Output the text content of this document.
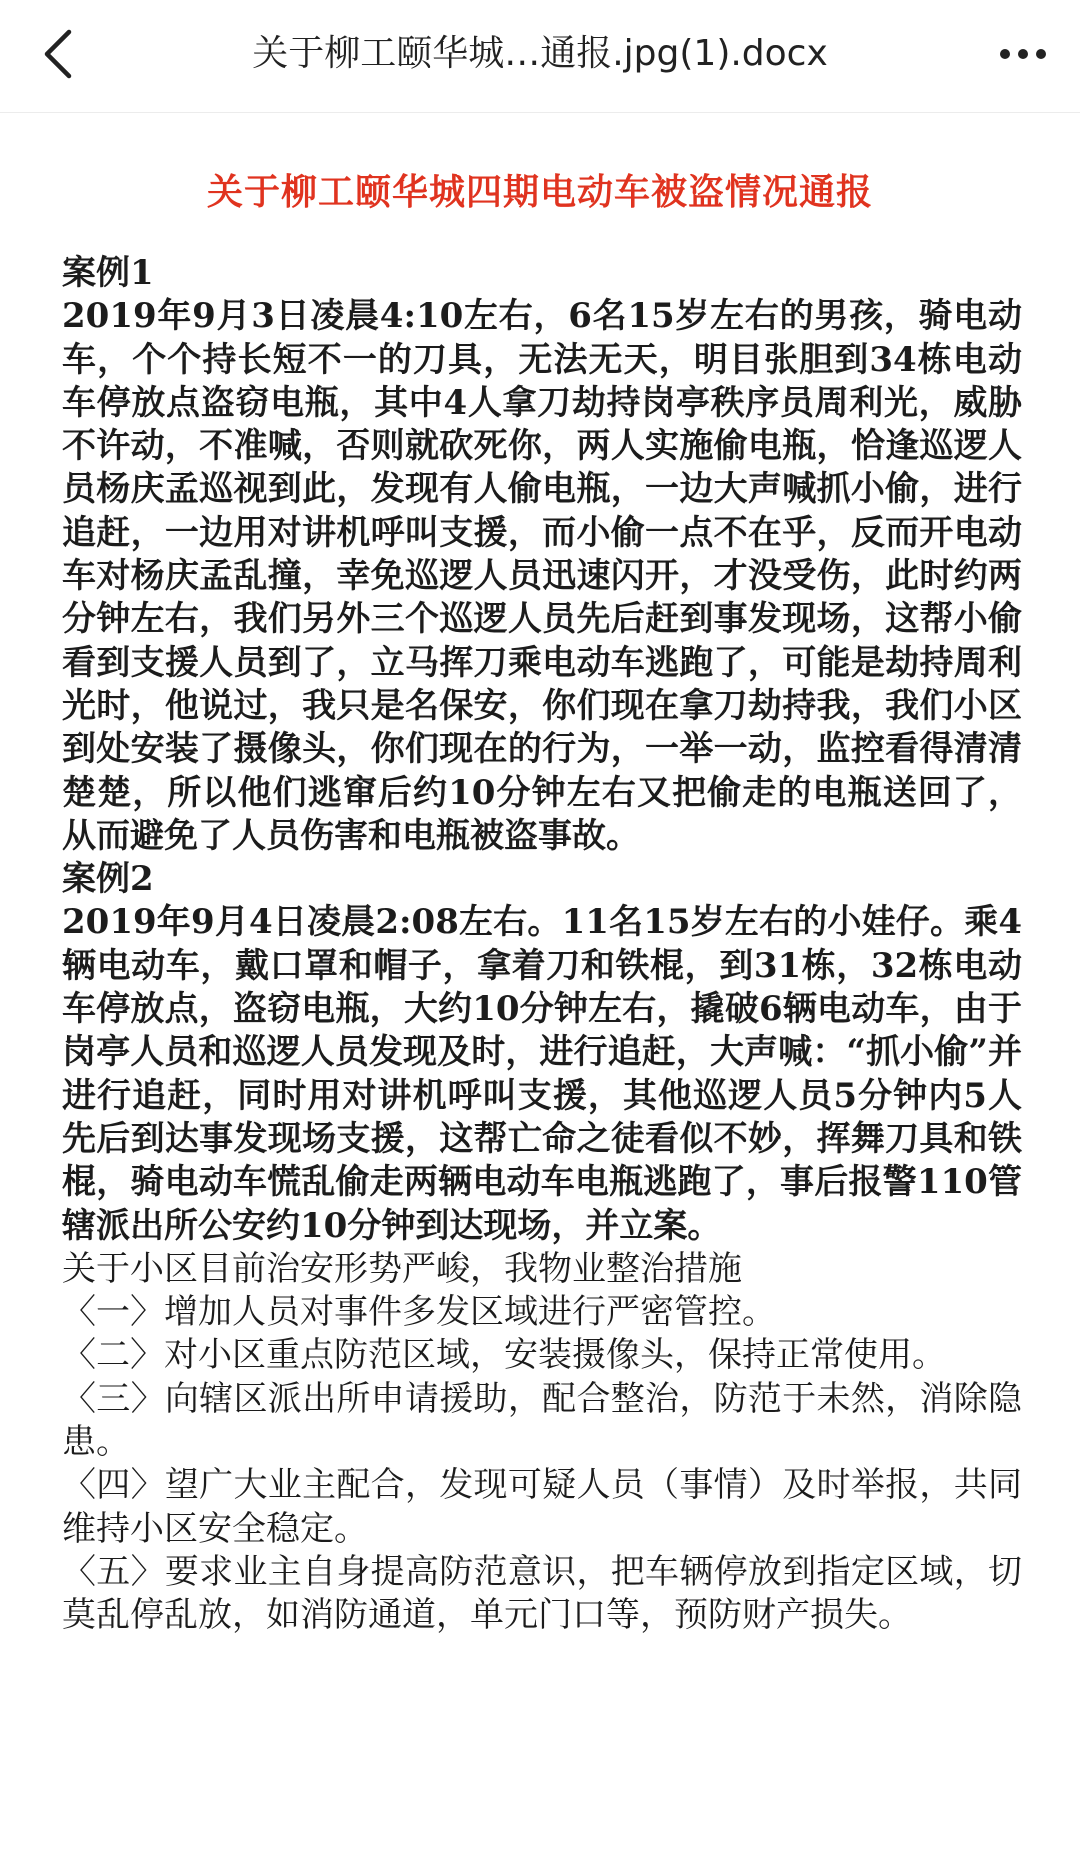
关于柳工颐华城…通报.jpg(1).docx
关于柳工颐华城四期电动车被盗情况通报

案例1

2019年9月3日凌晨4:10左右，6名15岁左右的男孩，骑电动车，个个持长短不一的刀具，无法无天，明目张胆到34栋电动车停放点盗窃电瓶，其中4人拿刀劫持岗亭秩序员周利光，威胁不许动，不准喊，否则就砍死你，两人实施偷电瓶，恰逢巡逻人员杨庆孟巡视到此，发现有人偷电瓶，一边大声喊抓小偷，进行追赶，一边用对讲机呼叫支援，而小偷一点不在乎，反而开电动车对杨庆孟乱撞，幸免巡逻人员迅速闪开，才没受伤，此时约两分钟左右，我们另外三个巡逻人员先后赶到事发现场，这帮小偷看到支援人员到了，立马挥刀乘电动车逃跑了，可能是劫持周利光时，他说过，我只是名保安，你们现在拿刀劫持我，我们小区到处安装了摄像头，你们现在的行为，一举一动，监控看得清清楚楚，所以他们逃窜后约10分钟左右又把偷走的电瓶送回了，从而避免了人员伤害和电瓶被盗事故。

案例2

2019年9月4日凌晨2:08左右。11名15岁左右的小娃仔。乘4辆电动车，戴口罩和帽子，拿着刀和铁棍，到31栋，32栋电动车停放点，盗窃电瓶，大约10分钟左右，撬破6辆电动车，由于岗亭人员和巡逻人员发现及时，进行追赶，大声喊：“抓小偷”并进行追赶，同时用对讲机呼叫支援，其他巡逻人员5分钟内5人先后到达事发现场支援，这帮亡命之徒看似不妙，挥舞刀具和铁棍，骑电动车慌乱偷走两辆电动车电瓶逃跑了，事后报警110管辖派出所公安约10分钟到达现场，并立案。

关于小区目前治安形势严峻，我物业整治措施

〈一〉增加人员对事件多发区域进行严密管控。

〈二〉对小区重点防范区域，安装摄像头，保持正常使用。

〈三〉向辖区派出所申请援助，配合整治，防范于未然，消除隐患。

〈四〉望广大业主配合，发现可疑人员（事情）及时举报，共同维持小区安全稳定。

〈五〉要求业主自身提高防范意识，把车辆停放到指定区域，切莫乱停乱放，如消防通道，单元门口等，预防财产损失。
